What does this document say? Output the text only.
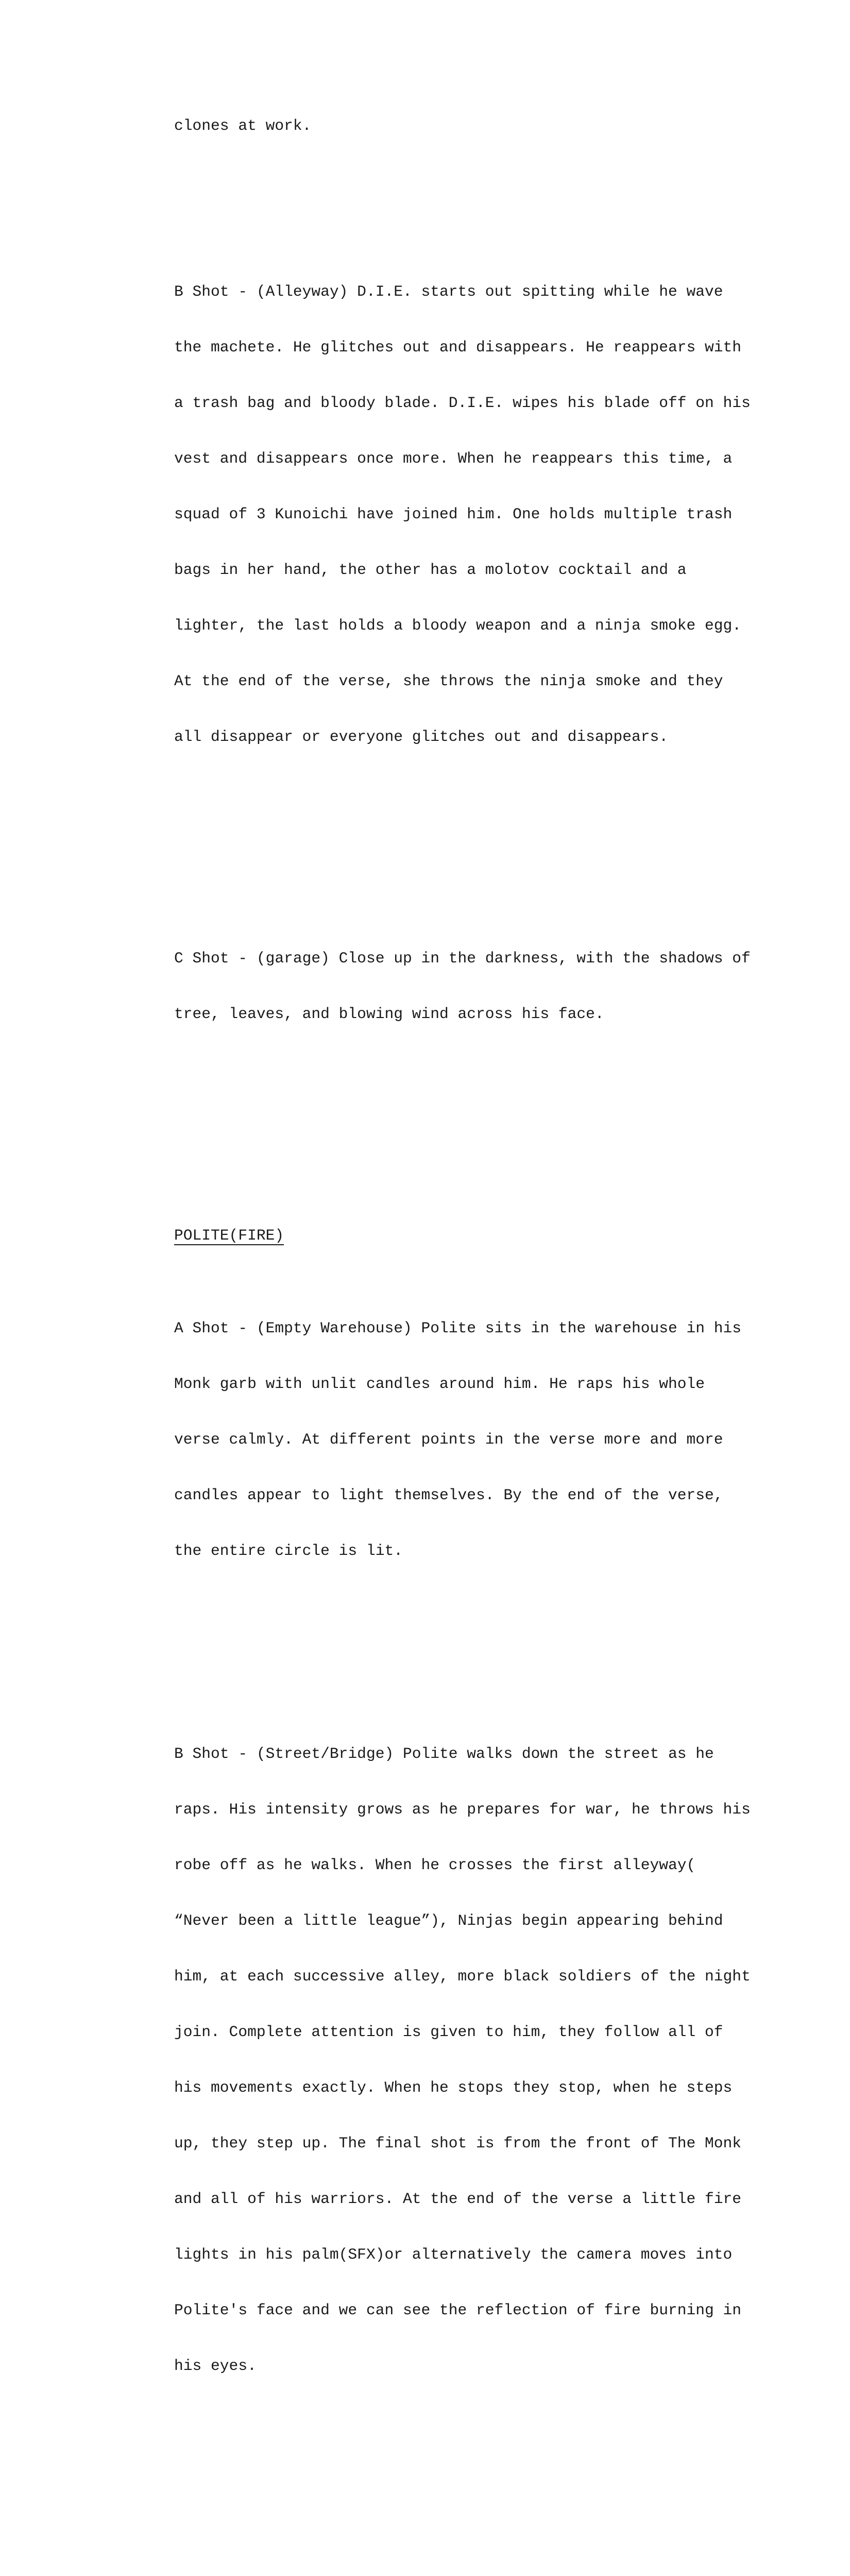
clones at work.

B Shot - (Alleyway) D.I.E. starts out spitting while he wave

the machete. He glitches out and disappears. He reappears with

a trash bag and bloody blade. D.I.E. wipes his blade off on his

vest and disappears once more. When he reappears this time, a

squad of 3 Kunoichi have joined him. One holds multiple trash

bags in her hand, the other has a molotov cocktail and a

lighter, the last holds a bloody weapon and a ninja smoke egg.

At the end of the verse, she throws the ninja smoke and they

all disappear or everyone glitches out and disappears.

C Shot - (garage) Close up in the darkness, with the shadows of

tree, leaves, and blowing wind across his face.

POLITE(FIRE)

A Shot - (Empty Warehouse) Polite sits in the warehouse in his

Monk garb with unlit candles around him. He raps his whole

verse calmly. At different points in the verse more and more

candles appear to light themselves. By the end of the verse,

the entire circle is lit.

B Shot - (Street/Bridge) Polite walks down the street as he

raps. His intensity grows as he prepares for war, he throws his

robe off as he walks. When he crosses the first alleyway(

“Never been a little league”), Ninjas begin appearing behind

him, at each successive alley, more black soldiers of the night

join. Complete attention is given to him, they follow all of

his movements exactly. When he stops they stop, when he steps

up, they step up. The final shot is from the front of The Monk

and all of his warriors. At the end of the verse a little fire

lights in his palm(SFX)or alternatively the camera moves into

Polite's face and we can see the reflection of fire burning in

his eyes.
